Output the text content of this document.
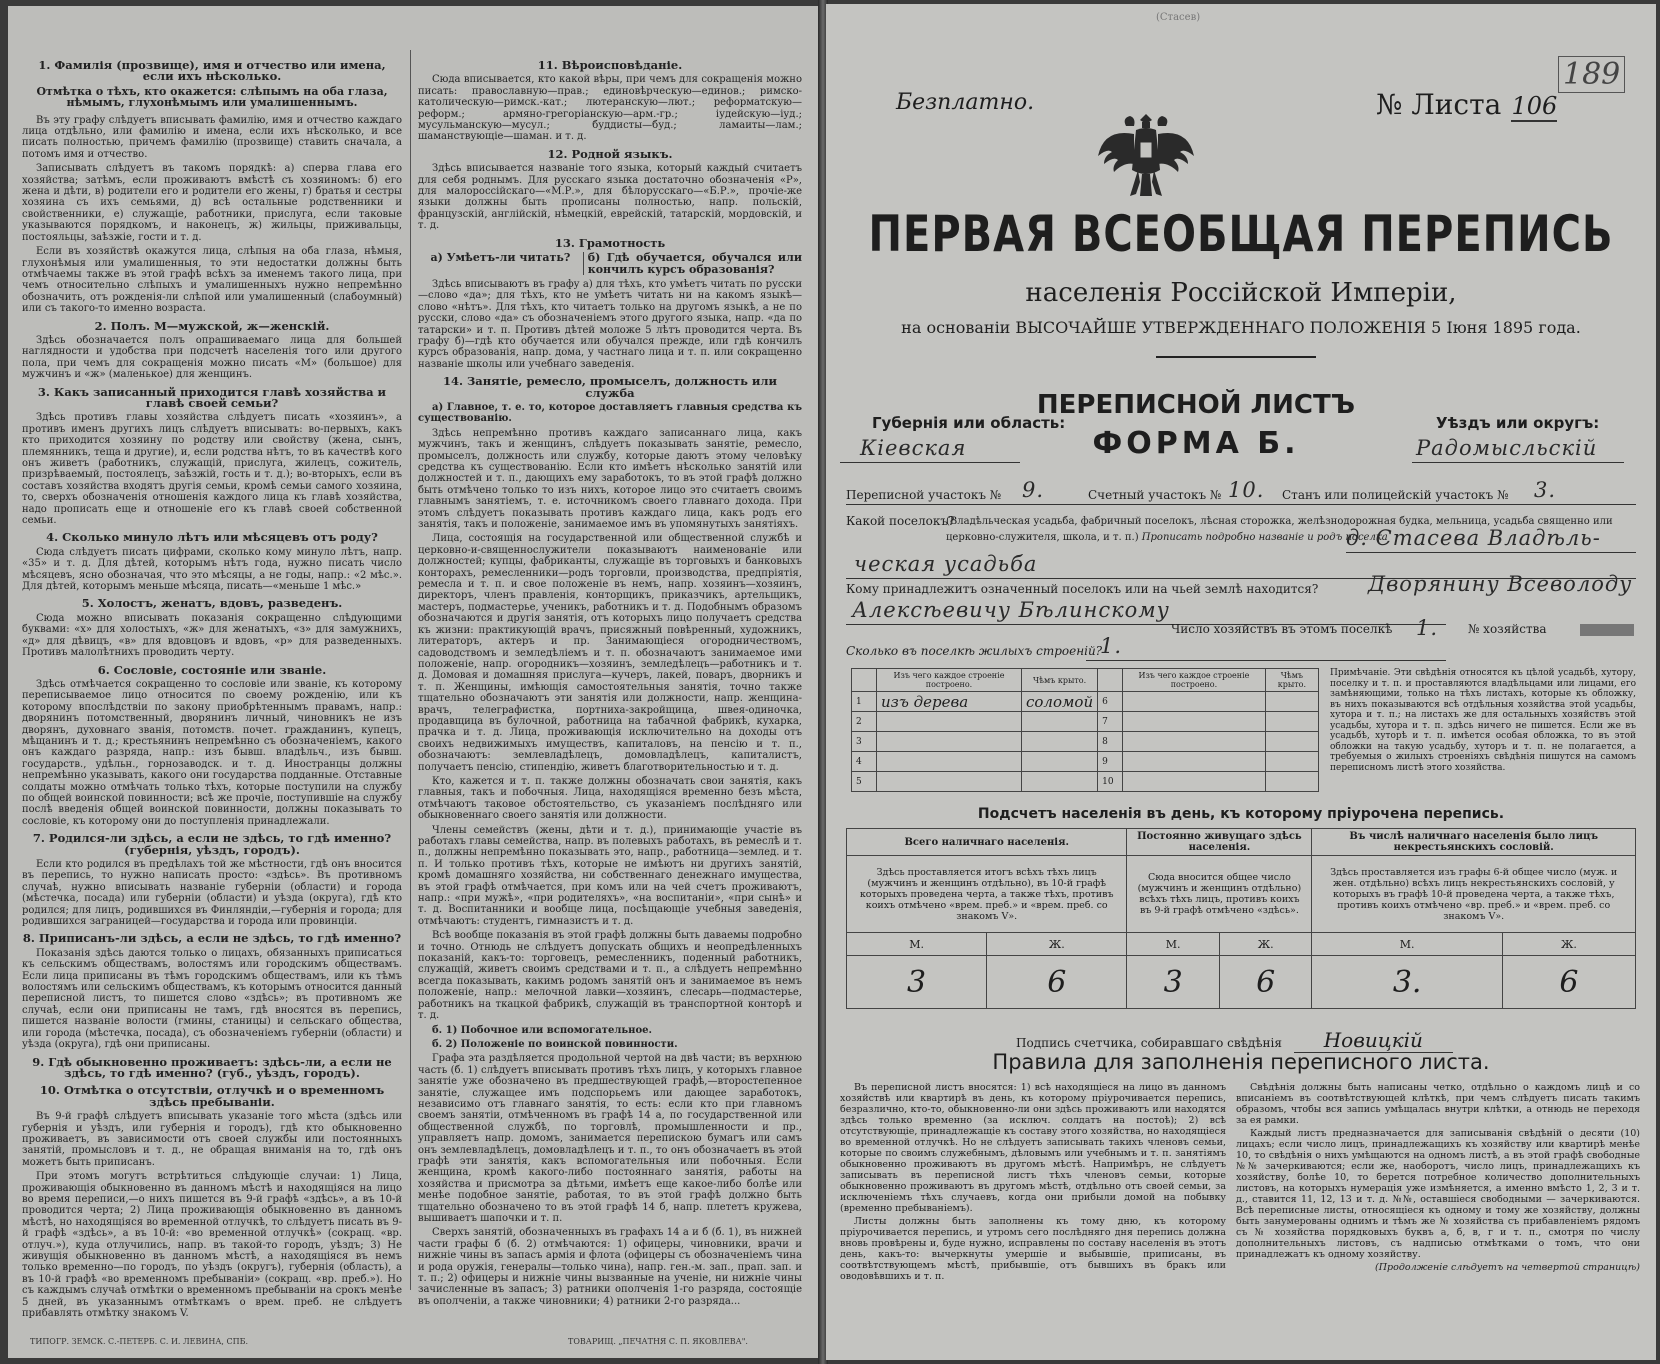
1. Фамилія (прозвище), имя и отчество или имена, если ихъ нѣсколько.
Отмѣтка о тѣхъ, кто окажется: слѣпымъ на оба глаза, нѣмымъ, глухонѣмымъ или умалишеннымъ.

Въ эту графу слѣдуетъ вписывать фамилію, имя и отчество каждаго лица отдѣльно, или фамилію и имена, если ихъ нѣсколько, и все писать полностью, причемъ фамилію (прозвище) ставить сначала, а потомъ имя и отчество.

Записывать слѣдуетъ въ такомъ порядкѣ: а) сперва глава его хозяйства; затѣмъ, если проживаютъ вмѣстѣ съ хозяиномъ: б) его жена и дѣти, в) родители его и родители его жены, г) братья и сестры хозяина съ ихъ семьями, д) всѣ остальные родственники и свойственники, е) служащіе, работники, прислуга, если таковые указываются порядкомъ, и наконецъ, ж) жильцы, приживальцы, постояльцы, заѣзжіе, гости и т. д.

Если въ хозяйствѣ окажутся лица, слѣпыя на оба глаза, нѣмыя, глухонѣмыя или умалишенныя, то эти недостатки должны быть отмѣчаемы также въ этой графѣ всѣхъ за именемъ такого лица, при чемъ относительно слѣпыхъ и умалишенныхъ нужно непремѣнно обозначить, отъ рожденія-ли слѣпой или умалишенный (слабоумный) или съ такого-то именно возраста.

2. Полъ. М—мужской, ж—женскій.

Здѣсь обозначается полъ опрашиваемаго лица для большей наглядности и удобства при подсчетѣ населенія того или другого пола, при чемъ для сокращенія можно писать «М» (большое) для мужчинъ и «ж» (маленькое) для женщинъ.

3. Какъ записанный приходится главѣ хозяйства и главѣ своей семьи?

Здѣсь противъ главы хозяйства слѣдуетъ писать «хозяинъ», а противъ именъ другихъ лицъ слѣдуетъ вписывать: во-первыхъ, какъ кто приходится хозяину по родству или свойству (жена, сынъ, племянникъ, теща и другие), и, если родства нѣтъ, то въ качествѣ кого онъ живетъ (работникъ, служащій, прислуга, жилецъ, сожитель, призрѣваемый, постоялецъ, заѣзжій, гость и т. д.); во-вторыхъ, если въ составъ хозяйства входятъ другія семьи, кромѣ семьи самого хозяина, то, сверхъ обозначенія отношенія каждого лица къ главѣ хозяйства, надо прописать еще и отношеніе его къ главѣ своей собственной семьи.

4. Сколько минуло лѣтъ или мѣсяцевъ отъ роду?

Сюда слѣдуетъ писать цифрами, сколько кому минуло лѣтъ, напр. «35» и т. д. Для дѣтей, которымъ нѣтъ года, нужно писать число мѣсяцевъ, ясно обозначая, что это мѣсяцы, а не годы, напр.: «2 мѣс.». Для дѣтей, которымъ меньше мѣсяца, писать—«меньше 1 мѣс.»

5. Холостъ, женатъ, вдовъ, разведенъ.

Сюда можно вписывать показанія сокращенно слѣдующими буквами: «х» для холостыхъ, «ж» для женатыхъ, «з» для замужнихъ, «д» для дѣвицъ, «в» для вдовцовъ и вдовъ, «р» для разведенныхъ. Противъ малолѣтнихъ проводить черту.

6. Сословіе, состояніе или званіе.

Здѣсь отмѣчается сокращенно то сословіе или званіе, къ которому перепиcываемое лицо относится по своему рожденію, или къ которому впослѣдствіи по закону приобрѣтеннымъ правамъ, напр.: дворянинъ потомственный, дворянинъ личный, чиновникъ не изъ дворянъ, духовнаго званія, потомств. почет. гражданинъ, купецъ, мѣщанинъ и т. д.; крестьянинъ непремѣнно съ обозначеніемъ, какого онъ каждаго разряда, напр.: изъ бывш. владѣльч., изъ бывш. государств., удѣльн., горнозаводск. и т. д. Иностранцы должны непремѣнно указывать, какого они государства подданные. Отставные солдаты можно отмѣчать только тѣхъ, которые поступили на службу по общей воинской повинности; всѣ же прочіе, поступившіе на службу послѣ введенія общей воинской повинности, должны показывать то сословіе, къ которому они до поступленія принадлежали.

7. Родился-ли здѣсь, а если не здѣсь, то гдѣ именно? (губернія, уѣздъ, городъ).

Если кто родился въ предѣлахъ той же мѣстности, гдѣ онъ вносится въ перепись, то нужно написать просто: «здѣсь». Въ противномъ случаѣ, нужно вписывать названіе губерніи (области) и города (мѣстечка, посада) или губерніи (области) и уѣзда (округа), гдѣ кто родился; для лицъ, родившихся въ Финляндіи,—губернія и города; для родившихся заграницей—государства и города или провинціи.

8. Приписанъ-ли здѣсь, а если не здѣсь, то гдѣ именно?

Показанія здѣсь даются только о лицахъ, обязанныхъ приписаться къ сельскимъ обществамъ, волостямъ или городскимъ обществамъ. Если лица приписаны въ тѣмъ городскимъ обществамъ, или къ тѣмъ волостямъ или сельскимъ обществамъ, къ которымъ относится данный переписной листъ, то пишется слово «здѣсь»; въ противномъ же случаѣ, если они приписаны не тамъ, гдѣ вносятся въ перепись, пишется названіе волости (гмины, станицы) и сельскаго общества, или города (мѣстечка, посада), съ обозначеніемъ губерніи (области) и уѣзда (округа), гдѣ они приписаны.

9. Гдѣ обыкновенно проживаетъ: здѣсь-ли, а если не здѣсь, то гдѣ именно? (губ., уѣздъ, городъ).
10. Отмѣтка о отсутствіи, отлучкѣ и о временномъ здѣсь пребываніи.

Въ 9-й графѣ слѣдуетъ вписывать указаніе того мѣста (здѣсь или губернія и уѣздъ, или губернія и городъ), гдѣ кто обыкновенно проживаетъ, въ зависимости отъ своей службы или постоянныхъ занятій, промысловъ и т. д., не обращая вниманія на то, гдѣ онъ можетъ быть приписанъ.

При этомъ могутъ встрѣтиться слѣдующіе случаи: 1) Лица, проживающія обыкновенно въ данномъ мѣстѣ и находящіяся на лицо во время переписи,—о нихъ пишется въ 9-й графѣ «здѣсь», а въ 10-й проводится черта; 2) Лица проживающія обыкновенно въ данномъ мѣстѣ, но находящіяся во временной отлучкѣ, то слѣдуетъ писать въ 9-й графѣ «здѣсь», а въ 10-й: «во временной отлучкѣ» (сокращ. «вр. отлуч.»), куда отлучились, напр. въ такой-то городъ, уѣздъ; 3) Не живущія обыкновенно въ данномъ мѣстѣ, а находящіяся въ немъ только временно—по городъ, по уѣздъ (округъ), губернія (область), а въ 10-й графѣ «во временномъ пребываніи» (сокращ. «вр. преб.»). Но съ каждымъ случаѣ отмѣтки о временномъ пребываніи на срокъ менѣе 5 дней, въ указаннымъ отмѣткамъ о врем. преб. не слѣдуетъ прибавлять отмѣтку знакомъ V.

11. Вѣроисповѣданіе.

Сюда вписывается, кто какой вѣры, при чемъ для сокращенія можно писать: православную—прав.; единовѣрческую—единов.; римско-католическую—римск.-кат.; лютеранскую—лют.; реформатскую—реформ.; армяно-грегоріанскую—арм.-гр.; іудейскую—іуд.; мусульманскую—мусул.; буддисты—буд.; ламаиты—лам.; шаманствующіе—шаман. и т. д.

12. Родной языкъ.

Здѣсь вписывается названіе того языка, который каждый считаетъ для себя роднымъ. Для русскаго языка достаточно обозначенія «Р», для малороссійскаго—«М.Р.», для бѣлорусскаго—«Б.Р.», прочіе-же языки должны быть прописаны полностью, напр. польскій, французскій, англійскій, нѣмецкій, еврейскій, татарскій, мордовскій, и т. д.

13. Грамотность
а) Умѣетъ-ли читать?	б) Гдѣ обучается, обучался или кончилъ курсъ образованія?

Здѣсь вписываютъ въ графу а) для тѣхъ, кто умѣетъ читать по русски—слово «да»; для тѣхъ, кто не умѣетъ читать ни на какомъ языкѣ—слово «нѣтъ». Для тѣхъ, кто читаетъ только на другомъ языкѣ, а не по русски, слово «да» съ обозначеніемъ этого другого языка, напр. «да по татарски» и т. п. Противъ дѣтей моложе 5 лѣтъ проводится черта. Въ графу б)—гдѣ кто обучается или обучался прежде, или гдѣ кончилъ курсъ образованія, напр. дома, у частнаго лица и т. п. или сокращенно названіе школы или учебнаго заведенія.

14. Занятіе, ремесло, промыселъ, должность или служба

а) Главное, т. е. то, которое доставляетъ главныя средства къ существованію.

Здѣсь непремѣнно противъ каждаго записаннаго лица, какъ мужчинъ, такъ и женщинъ, слѣдуетъ показывать занятіе, ремесло, промыселъ, должность или службу, которые даютъ этому человѣку средства къ существованію. Если кто имѣетъ нѣсколько занятій или должностей и т. п., дающихъ ему заработокъ, то въ этой графѣ должно быть отмѣчено только то изъ нихъ, которое лицо это считаетъ своимъ главнымъ занятіемъ, т. е. источникомъ своего главнаго дохода. При этомъ слѣдуетъ показывать противъ каждаго лица, какъ родъ его занятія, такъ и положеніе, занимаемое имъ въ упомянутыхъ занятіяхъ.

Лица, состоящія на государственной или общественной службѣ и церковно-и-священнослужители показываютъ наименованіе или должностей; купцы, фабриканты, служащіе въ торговыхъ и банковыхъ конторахъ, ремесленники—родъ торговли, производства, предпріятія, ремесла и т. п. и свое положеніе въ немъ, напр. хозяинъ—хозяинъ, директоръ, членъ правленія, конторщикъ, приказчикъ, артельщикъ, мастеръ, подмастерье, ученикъ, работникъ и т. д. Подобнымъ образомъ обозначаются и другія занятія, отъ которыхъ лицо получаетъ средства къ жизни: практикующій врачъ, присяжный повѣренный, художникъ, литераторъ, актеръ и пр. Занимающіеся огородничествомъ, садоводствомъ и земледѣліемъ и т. п. обозначаютъ занимаемое ими положеніе, напр. огородникъ—хозяинъ, земледѣлецъ—работникъ и т. д. Домовая и домашняя прислуга—кучеръ, лакей, поваръ, дворникъ и т. п. Женщины, имѣющія самостоятельныя занятія, точно также тщательно обозначаютъ эти занятія или должности, напр. женщина-врачъ, телеграфистка, портниха-закройщица, швея-одиночка, продавщица въ булочной, работница на табачной фабрикѣ, кухарка, прачка и т. д. Лица, проживающія исключительно на доходы отъ своихъ недвижимыхъ имуществъ, капиталовъ, на пенсію и т. п., обозначаютъ: землевладѣлецъ, домовладѣлецъ, капиталистъ, получаетъ пенсію, стипендію, живетъ благотворительностью и т. д.

Кто, кажется и т. п. также должны обозначать свои занятія, какъ главныя, такъ и побочныя. Лица, находящіяся временно безъ мѣста, отмѣчаютъ таковое обстоятельство, съ указаніемъ послѣдняго или обыкновеннаго своего занятія или должности.

Члены семействъ (жены, дѣти и т. д.), принимающіе участіе въ работахъ главы семейства, напр. въ полевыхъ работахъ, въ ремеслѣ и т. п., должны непремѣнно показывать это, напр., работница—землед. и т. п. И только противъ тѣхъ, которые не имѣютъ ни другихъ занятій, кромѣ домашняго хозяйства, ни собственнаго денежнаго имущества, въ этой графѣ отмѣчается, при комъ или на чей счетъ проживаютъ, напр.: «при мужѣ», «при родителяхъ», «на воспитаніи», «при сынѣ» и т. д. Воспитанники и вообще лица, посѣщающіе учебныя заведенія, отмѣчаютъ: студентъ, гимназистъ и т. д.

Всѣ вообще показанія въ этой графѣ должны быть даваемы подробно и точно. Отнюдь не слѣдуетъ допускать общихъ и неопредѣленныхъ показаній, какъ-то: торговецъ, ремесленникъ, поденный работникъ, служащій, живетъ своимъ средствами и т. п., а слѣдуетъ непремѣнно всегда показывать, какимъ родомъ занятій онъ и занимаемое въ немъ положеніе, напр.: мелочной лавки—хозяинъ, слесарь—подмастерье, работникъ на ткацкой фабрикѣ, служащій въ транспортной конторѣ и т. д.

б. 1) Побочное или вспомогательное.

б. 2) Положеніе по воинской повинности.

Графа эта раздѣляется продольной чертой на двѣ части; въ верхнюю часть (б. 1) слѣдуетъ вписывать противъ тѣхъ лицъ, у которыхъ главное занятіе уже обозначено въ предшествующей графѣ,—второстепенное занятіе, служащее имъ подспорьемъ или дающее заработокъ, независимо отъ главнаго занятія, то есть: если кто при главномъ своемъ занятіи, отмѣченномъ въ графѣ 14 а, по государственной или общественной службѣ, по торговлѣ, промышленности и пр., управляетъ напр. домомъ, занимается перепискою бумагъ или самъ онъ землевладѣлецъ, домовладѣлецъ и т. п., то онъ обозначаетъ въ этой графѣ эти занятія, какъ вспомогательныя или побочныя. Если женщина, кромѣ какого-либо постояннаго занятія, работы на хозяйства и присмотра за дѣтьми, имѣетъ еще какое-либо болѣе или менѣе подобное занятіе, работая, то въ этой графѣ должно быть тщательно обозначено то въ этой графѣ 14 б, напр. плететъ кружева, вышиваетъ шапочки и т. п.

Сверхъ занятій, обозначенныхъ въ графахъ 14 а и б (б. 1), въ нижней части графы б (б. 2) отмѣчаются: 1) офицеры, чиновники, врачи и нижніе чины въ запасъ армія и флота (офицеры съ обозначеніемъ чина и рода оружія, генералы—только чина), напр. ген.-м. зап., прап. зап. и т. п.; 2) офицеры и нижніе чины вызванные на ученіе, ни нижніе чины зачисленные въ запасъ; 3) ратники ополченія 1-го разряда, состоящіе въ ополченіи, а также чиновники; 4) ратники 2-го разряда...

ТИПОГР. ЗЕМСК. С.-ПЕТЕРБ. С. И. ЛЕВИНА, СПБ.	ТОВАРИЩ. „ПЕЧАТНЯ С. П. ЯКОВЛЕВА".
(Стасев)
Безплатно.	№ Листа 106
189
ПЕРВАЯ ВСЕОБЩАЯ ПЕРЕПИСЬ
населенія Россійской Имперіи,
на основаніи ВЫСОЧАЙШЕ УТВЕРЖДЕННАГО ПОЛОЖЕНІЯ 5 Іюня 1895 года.
Губернія или область:
Кіевская
ПЕРЕПИСНОЙ ЛИСТЪ
ФОРМА Б.
Уѣздъ или округъ:
Радомысльскій
Переписной участокъ № 9.	Счетный участокъ № 10. Станъ или полицейскій участокъ № 3.
Какой поселокъ?
(Владѣльческая усадьба, фабричный поселокъ, лѣсная сторожка, желѣзнодорожная будка, мельница, усадьба священно или церковно-служителя, школа, и т. п.) Прописать подробно названіе и родъ поселка
д. Стасева Владѣль-
ческая усадьба
Кому принадлежитъ означенный поселокъ или на чьей землѣ находится? Дворянину Всеволоду
Алексѣевичу Бѣлинскому
Число хозяйствъ въ этомъ поселкѣ 1. № хозяйства
Сколько въ поселкѣ жилыхъ строеній?
1.
	Изъ чего каждое строеніе построено.	Чѣмъ крыто.		Изъ чего каждое строеніе построено.	Чѣмъ крыто.
1	изъ дерева	соломой	6		
2			7		
3			8		
4			9		
5			10		
Примѣчаніе. Эти свѣдѣнія относятся къ цѣлой усадьбѣ, хутору, поселку и т. п. и проставляются владѣльцами или лицами, его замѣняющими, только на тѣхъ листахъ, которые къ обложку, въ нихъ показываются всѣ отдѣльныя хозяйства этой усадьбы, хутора и т. п.; на листахъ же для остальныхъ хозяйствъ этой усадьбы, хутора и т. п. здѣсь ничего не пишется. Если же въ усадьбѣ, хуторѣ и т. п. имѣется особая обложка, то въ этой обложки на такую усадьбу, хуторъ и т. п. не полагается, а требуемыя о жилыхъ строеніяхъ свѣдѣнія пишутся на самомъ переписномъ листѣ этого хозяйства.
Подсчетъ населенія въ день, къ которому пріурочена перепись.
Всего наличнаго населенія.		Постоянно живущаго здѣсь населенія.		Въ числѣ наличнаго населенія было лицъ некрестьянскихъ сословій.	
Здѣсь проставляется итогъ всѣхъ тѣхъ лицъ (мужчинъ и женщинъ отдѣльно), въ 10-й графѣ которыхъ проведена черта, а также тѣхъ, противъ коихъ отмѣчено «врем. преб.» и «врем. преб. со знакомъ V».		Сюда вносится общее число (мужчинъ и женщинъ отдѣльно) всѣхъ тѣхъ лицъ, противъ коихъ въ 9-й графѣ отмѣчено «здѣсь».		Здѣсь проставляется изъ графы 6-й общее число (муж. и жен. отдѣльно) всѣхъ лицъ некрестьянскихъ сословій, у которыхъ въ графѣ 10-й проведена черта, а также тѣхъ, противъ коихъ отмѣчено «вр. преб.» и «врем. преб. со знакомъ V».	
М.	Ж.	М.	Ж.	М.	Ж.
3	6	3	6	3.	6
Подпись счетчика, собиравшаго свѣдѣнія Новицкій
Правила для заполненія переписного листа.

Въ переписной листъ вносятся: 1) всѣ находящіеся на лицо въ данномъ хозяйствѣ или квартирѣ въ день, къ которому пріурочивается перепись, безразлично, кто-то, обыкновенно-ли они здѣсь проживаютъ или находятся здѣсь только временно (за исключ. солдатъ на постоѣ); 2) всѣ отсутствующіе, принадлежащіе къ составу этого хозяйства, но находящіеся во временной отлучкѣ. Но не слѣдуетъ записывать такихъ членовъ семьи, которые по своимъ служебнымъ, дѣловымъ или учебнымъ и т. п. занятіямъ обыкновенно проживаютъ въ другомъ мѣстѣ. Напримѣръ, не слѣдуетъ записывать въ переписной листъ тѣхъ членовъ семьи, которые обыкновенно проживаютъ въ другомъ мѣстѣ, отдѣльно отъ своей семьи, за исключеніемъ тѣхъ случаевъ, когда они прибыли домой на побывку (временно пребываніемъ).

Листы должны быть заполнены къ тому дню, къ которому пріурочивается перепись, и утромъ сего послѣдняго дня перепись должна вновь провѣрены и, буде нужно, исправлены по составу населенія въ этотъ день, какъ-то: вычеркнуты умершіе и выбывшіе, приписаны, въ соотвѣтствующемъ мѣстѣ, прибывшіе, отъ бывшихъ въ бракъ или оводовѣвшихъ и т. п.

Свѣдѣнія должны быть написаны четко, отдѣльно о каждомъ лицѣ и со вписаніемъ въ соотвѣтствующей клѣткѣ, при чемъ слѣдуетъ писать такимъ образомъ, чтобы вся запись умѣщалась внутри клѣтки, а отнюдь не переходя за ея рамки.

Каждый листъ предназначается для записыванія свѣдѣній о десяти (10) лицахъ; если число лицъ, принадлежащихъ къ хозяйству или квартирѣ менѣе 10, то свѣдѣнія о нихъ умѣщаются на одномъ листѣ, а въ этой графѣ свободные №№ зачеркиваются; если же, наоборотъ, число лицъ, принадлежащихъ къ хозяйству, болѣе 10, то берется потребное количество дополнительныхъ листовъ, на которыхъ нумерація уже измѣняется, а именно вмѣсто 1, 2, 3 и т. д., ставится 11, 12, 13 и т. д. №№, оставшіеся свободными — зачеркиваются. Всѣ переписные листы, относящіеся къ одному и тому же хозяйству, должны быть занумерованы однимъ и тѣмъ же № хозяйства съ прибавленіемъ рядомъ съ № хозяйства порядковыхъ буквъ а, б, в, г и т. п., смотря по числу дополнительныхъ листовъ, съ надписью отмѣтками о томъ, что они принадлежатъ къ одному хозяйству.

(Продолженіе слѣдуетъ на четвертой страницѣ)
